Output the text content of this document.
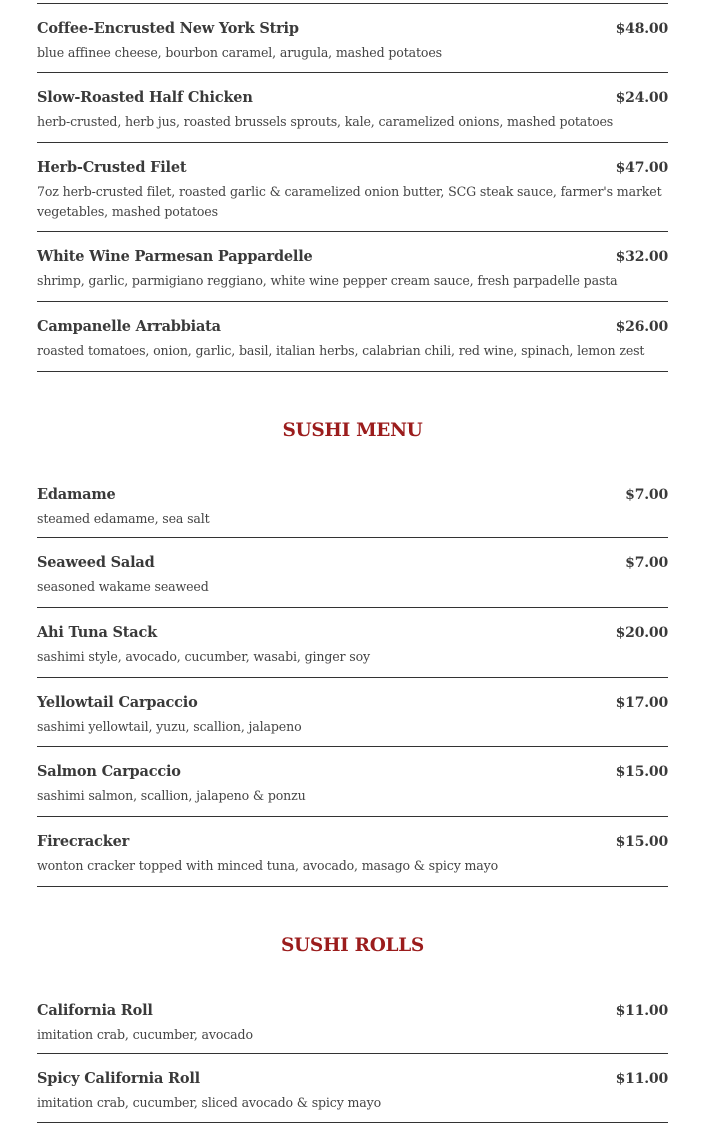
Coffee-Encrusted New York Strip	$48.00
blue affinee cheese, bourbon caramel, arugula, mashed potatoes
Slow-Roasted Half Chicken	$24.00
herb-crusted, herb jus, roasted brussels sprouts, kale, caramelized onions, mashed potatoes
Herb-Crusted Filet	$47.00
7oz herb-crusted filet, roasted garlic & caramelized onion butter, SCG steak sauce, farmer's market vegetables, mashed potatoes
White Wine Parmesan Pappardelle	$32.00
shrimp, garlic, parmigiano reggiano, white wine pepper cream sauce, fresh parpadelle pasta
Campanelle Arrabbiata	$26.00
roasted tomatoes, onion, garlic, basil, italian herbs, calabrian chili, red wine, spinach, lemon zest
SUSHI MENU
Edamame	$7.00
steamed edamame, sea salt
Seaweed Salad	$7.00
seasoned wakame seaweed
Ahi Tuna Stack	$20.00
sashimi style, avocado, cucumber, wasabi, ginger soy
Yellowtail Carpaccio	$17.00
sashimi yellowtail, yuzu, scallion, jalapeno
Salmon Carpaccio	$15.00
sashimi salmon, scallion, jalapeno & ponzu
Firecracker	$15.00
wonton cracker topped with minced tuna, avocado, masago & spicy mayo
SUSHI ROLLS
California Roll	$11.00
imitation crab, cucumber, avocado
Spicy California Roll	$11.00
imitation crab, cucumber, sliced avocado & spicy mayo
